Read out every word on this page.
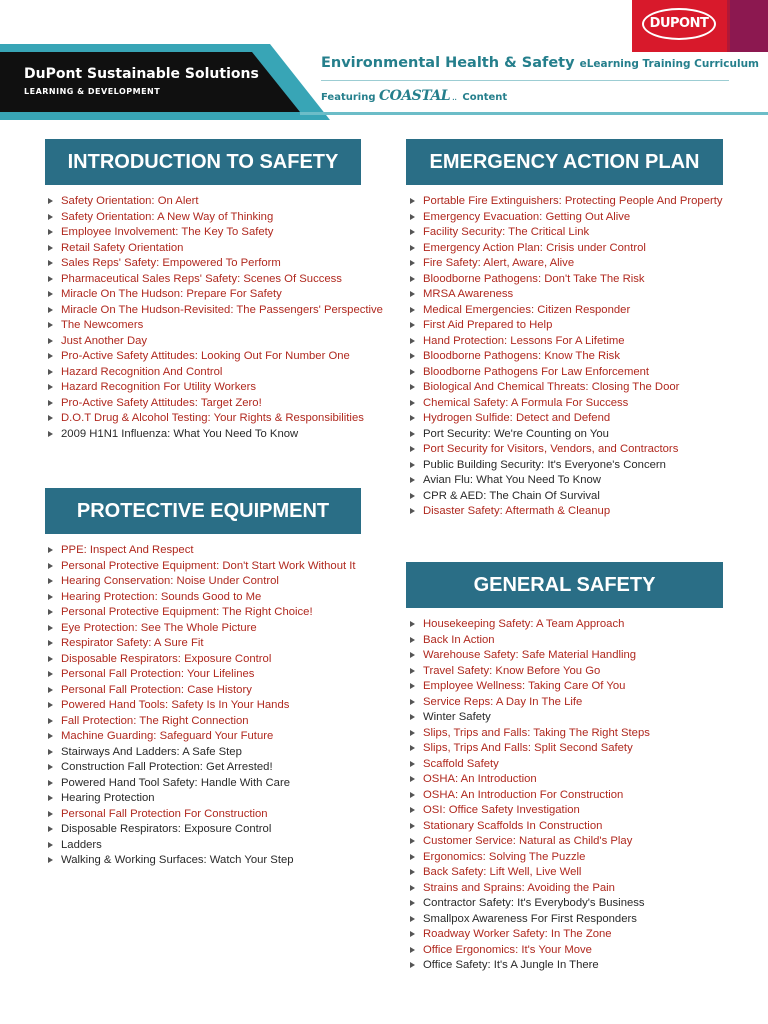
DuPont Sustainable Solutions
LEARNING & DEVELOPMENT
Environmental Health & Safety eLearning Training Curriculum
Featuring COASTAL ..  Content
DUPONT
INTRODUCTION TO SAFETY	EMERGENCY ACTION PLAN
PROTECTIVE EQUIPMENT
GENERAL SAFETY
Safety Orientation: On Alert
Safety Orientation: A New Way of Thinking
Employee Involvement: The Key To Safety
Retail Safety Orientation
Sales Reps' Safety: Empowered To Perform
Pharmaceutical Sales Reps' Safety: Scenes Of Success
Miracle On The Hudson: Prepare For Safety
Miracle On The Hudson-Revisited: The Passengers' Perspective
The Newcomers
Just Another Day
Pro-Active Safety Attitudes: Looking Out For Number One
Hazard Recognition And Control
Hazard Recognition For Utility Workers
Pro-Active Safety Attitudes: Target Zero!
D.O.T Drug & Alcohol Testing: Your Rights & Responsibilities
2009 H1N1 Influenza: What You Need To Know
Portable Fire Extinguishers: Protecting People And Property
Emergency Evacuation: Getting Out Alive
Facility Security: The Critical Link
Emergency Action Plan: Crisis under Control
Fire Safety: Alert, Aware, Alive
Bloodborne Pathogens: Don't Take The Risk
MRSA Awareness
Medical Emergencies: Citizen Responder
First Aid Prepared to Help
Hand Protection: Lessons For A Lifetime
Bloodborne Pathogens: Know The Risk
Bloodborne Pathogens For Law Enforcement
Biological And Chemical Threats: Closing The Door
Chemical Safety: A Formula For Success
Hydrogen Sulfide: Detect and Defend
Port Security: We're Counting on You
Port Security for Visitors, Vendors, and Contractors
Public Building Security: It's Everyone's Concern
Avian Flu: What You Need To Know
CPR & AED: The Chain Of Survival
Disaster Safety: Aftermath & Cleanup
PPE: Inspect And Respect
Personal Protective Equipment: Don't Start Work Without It
Hearing Conservation: Noise Under Control
Hearing Protection: Sounds Good to Me
Personal Protective Equipment: The Right Choice!
Eye Protection: See The Whole Picture
Respirator Safety: A Sure Fit
Disposable Respirators: Exposure Control
Personal Fall Protection: Your Lifelines
Personal Fall Protection: Case History
Powered Hand Tools: Safety Is In Your Hands
Fall Protection: The Right Connection
Machine Guarding: Safeguard Your Future
Stairways And Ladders: A Safe Step
Construction Fall Protection: Get Arrested!
Powered Hand Tool Safety: Handle With Care
Hearing Protection
Personal Fall Protection For Construction
Disposable Respirators: Exposure Control
Ladders
Walking & Working Surfaces: Watch Your Step
Housekeeping Safety: A Team Approach
Back In Action
Warehouse Safety: Safe Material Handling
Travel Safety: Know Before You Go
Employee Wellness: Taking Care Of You
Service Reps: A Day In The Life
Winter Safety
Slips, Trips and Falls: Taking The Right Steps
Slips, Trips And Falls: Split Second Safety
Scaffold Safety
OSHA: An Introduction
OSHA: An Introduction For Construction
OSI: Office Safety Investigation
Stationary Scaffolds In Construction
Customer Service: Natural as Child's Play
Ergonomics: Solving The Puzzle
Back Safety: Lift Well, Live Well
Strains and Sprains: Avoiding the Pain
Contractor Safety: It's Everybody's Business
Smallpox Awareness For First Responders
Roadway Worker Safety: In The Zone
Office Ergonomics: It's Your Move
Office Safety: It's A Jungle In There
